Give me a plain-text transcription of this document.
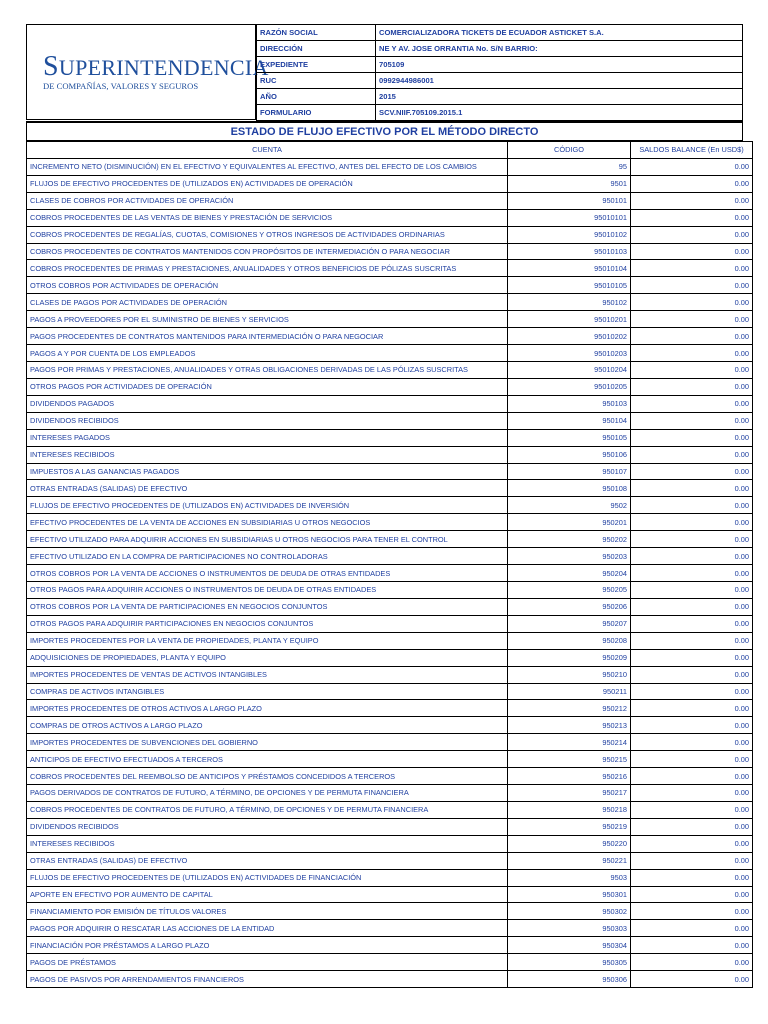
SUPERINTENDENCIA
DE COMPAÑÍAS, VALORES Y SEGUROS
RAZÓN SOCIAL	COMERCIALIZADORA TICKETS DE ECUADOR ASTICKET S.A.
DIRECCIÓN	NE Y AV. JOSE ORRANTIA No. S/N BARRIO:
EXPEDIENTE	705109
RUC	0992944986001
AÑO	2015
FORMULARIO	SCV.NIIF.705109.2015.1
ESTADO DE FLUJO EFECTIVO POR EL MÉTODO DIRECTO
CUENTA	CÓDIGO	SALDOS BALANCE (En USD$)
INCREMENTO NETO (DISMINUCIÓN) EN EL EFECTIVO Y EQUIVALENTES AL EFECTIVO, ANTES DEL EFECTO DE LOS CAMBIOS	95	0.00
FLUJOS DE EFECTIVO PROCEDENTES DE (UTILIZADOS EN) ACTIVIDADES DE OPERACIÓN	9501	0.00
CLASES DE COBROS POR ACTIVIDADES DE OPERACIÓN	950101	0.00
COBROS PROCEDENTES DE LAS VENTAS DE BIENES Y PRESTACIÓN DE SERVICIOS	95010101	0.00
COBROS PROCEDENTES DE REGALÍAS, CUOTAS, COMISIONES Y OTROS INGRESOS DE ACTIVIDADES ORDINARIAS	95010102	0.00
COBROS PROCEDENTES DE CONTRATOS MANTENIDOS CON PROPÓSITOS DE INTERMEDIACIÓN O PARA NEGOCIAR	95010103	0.00
COBROS PROCEDENTES DE PRIMAS Y PRESTACIONES, ANUALIDADES Y OTROS BENEFICIOS DE PÓLIZAS SUSCRITAS	95010104	0.00
OTROS COBROS POR ACTIVIDADES DE OPERACIÓN	95010105	0.00
CLASES DE PAGOS POR ACTIVIDADES DE OPERACIÓN	950102	0.00
PAGOS A PROVEEDORES POR EL SUMINISTRO DE BIENES Y SERVICIOS	95010201	0.00
PAGOS PROCEDENTES DE CONTRATOS MANTENIDOS PARA INTERMEDIACIÓN O PARA NEGOCIAR	95010202	0.00
PAGOS A Y POR CUENTA DE LOS EMPLEADOS	95010203	0.00
PAGOS POR PRIMAS Y PRESTACIONES, ANUALIDADES Y OTRAS OBLIGACIONES DERIVADAS DE LAS PÓLIZAS SUSCRITAS	95010204	0.00
OTROS PAGOS POR ACTIVIDADES DE OPERACIÓN	95010205	0.00
DIVIDENDOS PAGADOS	950103	0.00
DIVIDENDOS RECIBIDOS	950104	0.00
INTERESES PAGADOS	950105	0.00
INTERESES RECIBIDOS	950106	0.00
IMPUESTOS A LAS GANANCIAS PAGADOS	950107	0.00
OTRAS ENTRADAS (SALIDAS) DE EFECTIVO	950108	0.00
FLUJOS DE EFECTIVO PROCEDENTES DE (UTILIZADOS EN) ACTIVIDADES DE INVERSIÓN	9502	0.00
EFECTIVO PROCEDENTES DE LA VENTA DE ACCIONES EN SUBSIDIARIAS U OTROS NEGOCIOS	950201	0.00
EFECTIVO UTILIZADO PARA ADQUIRIR ACCIONES EN SUBSIDIARIAS U OTROS NEGOCIOS PARA TENER EL CONTROL	950202	0.00
EFECTIVO UTILIZADO EN LA COMPRA DE PARTICIPACIONES NO CONTROLADORAS	950203	0.00
OTROS COBROS POR LA VENTA DE ACCIONES O INSTRUMENTOS DE DEUDA DE OTRAS ENTIDADES	950204	0.00
OTROS PAGOS PARA ADQUIRIR ACCIONES O INSTRUMENTOS DE DEUDA DE OTRAS ENTIDADES	950205	0.00
OTROS COBROS POR LA VENTA DE PARTICIPACIONES EN NEGOCIOS CONJUNTOS	950206	0.00
OTROS PAGOS PARA ADQUIRIR PARTICIPACIONES EN NEGOCIOS CONJUNTOS	950207	0.00
IMPORTES PROCEDENTES POR LA VENTA DE PROPIEDADES, PLANTA Y EQUIPO	950208	0.00
ADQUISICIONES DE PROPIEDADES, PLANTA Y EQUIPO	950209	0.00
IMPORTES PROCEDENTES DE VENTAS DE ACTIVOS INTANGIBLES	950210	0.00
COMPRAS DE ACTIVOS INTANGIBLES	950211	0.00
IMPORTES PROCEDENTES DE OTROS ACTIVOS A LARGO PLAZO	950212	0.00
COMPRAS DE OTROS ACTIVOS A LARGO PLAZO	950213	0.00
IMPORTES PROCEDENTES DE SUBVENCIONES DEL GOBIERNO	950214	0.00
ANTICIPOS DE EFECTIVO EFECTUADOS A TERCEROS	950215	0.00
COBROS PROCEDENTES DEL REEMBOLSO DE ANTICIPOS Y PRÉSTAMOS CONCEDIDOS A TERCEROS	950216	0.00
PAGOS DERIVADOS DE CONTRATOS DE FUTURO, A TÉRMINO, DE OPCIONES Y DE PERMUTA FINANCIERA	950217	0.00
COBROS PROCEDENTES DE CONTRATOS DE FUTURO, A TÉRMINO, DE OPCIONES Y DE PERMUTA FINANCIERA	950218	0.00
DIVIDENDOS RECIBIDOS	950219	0.00
INTERESES RECIBIDOS	950220	0.00
OTRAS ENTRADAS (SALIDAS) DE EFECTIVO	950221	0.00
FLUJOS DE EFECTIVO PROCEDENTES DE (UTILIZADOS EN) ACTIVIDADES DE FINANCIACIÓN	9503	0.00
APORTE EN EFECTIVO POR AUMENTO DE CAPITAL	950301	0.00
FINANCIAMIENTO POR EMISIÓN DE TÍTULOS VALORES	950302	0.00
PAGOS POR ADQUIRIR O RESCATAR LAS ACCIONES DE LA ENTIDAD	950303	0.00
FINANCIACIÓN POR PRÉSTAMOS A LARGO PLAZO	950304	0.00
PAGOS DE PRÉSTAMOS	950305	0.00
PAGOS DE PASIVOS POR ARRENDAMIENTOS FINANCIEROS	950306	0.00
